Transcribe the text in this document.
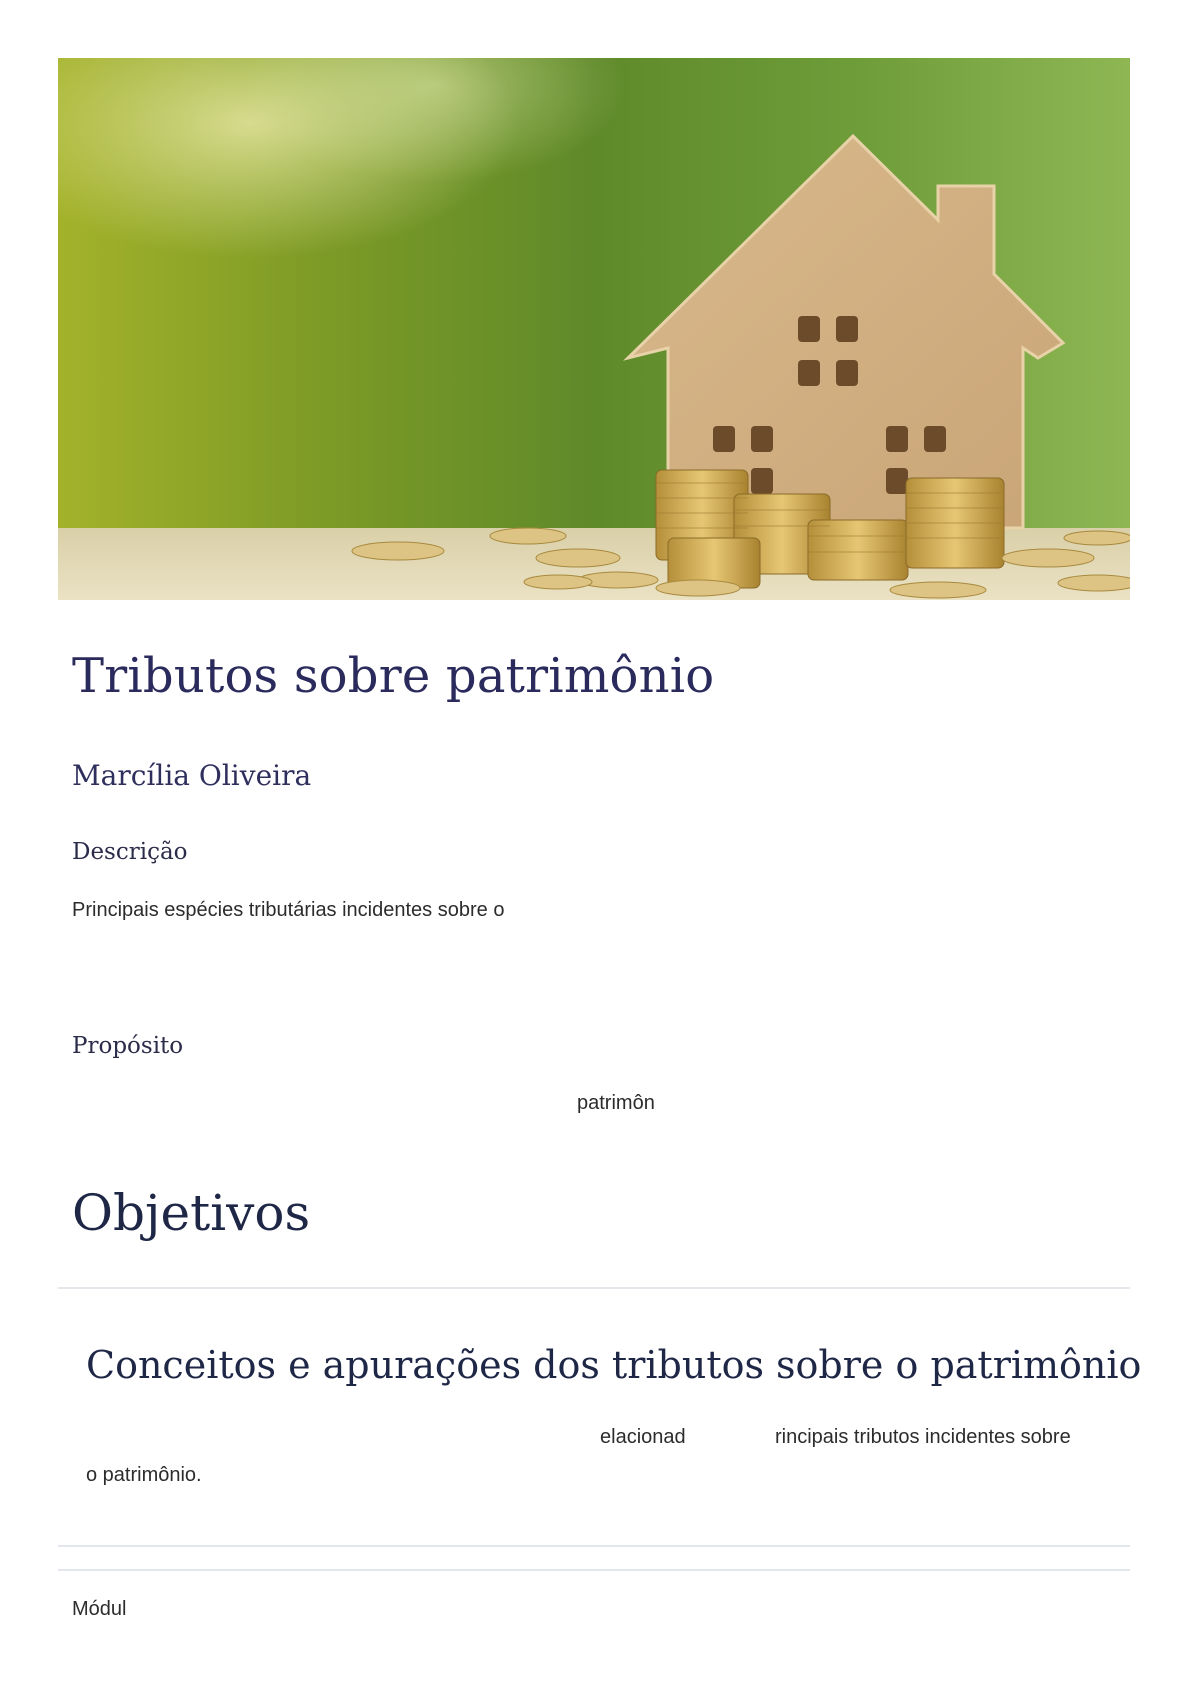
Tributos sobre patrimônio
Marcília Oliveira
Descrição

Principais espécies tributárias incidentes sobre o

Propósito

patrimôn

Objetivos
Conceitos e apurações dos tributos sobre o patrimônio

elacionad	rincipais tributos incidentes sobre

o patrimônio.

Módul
